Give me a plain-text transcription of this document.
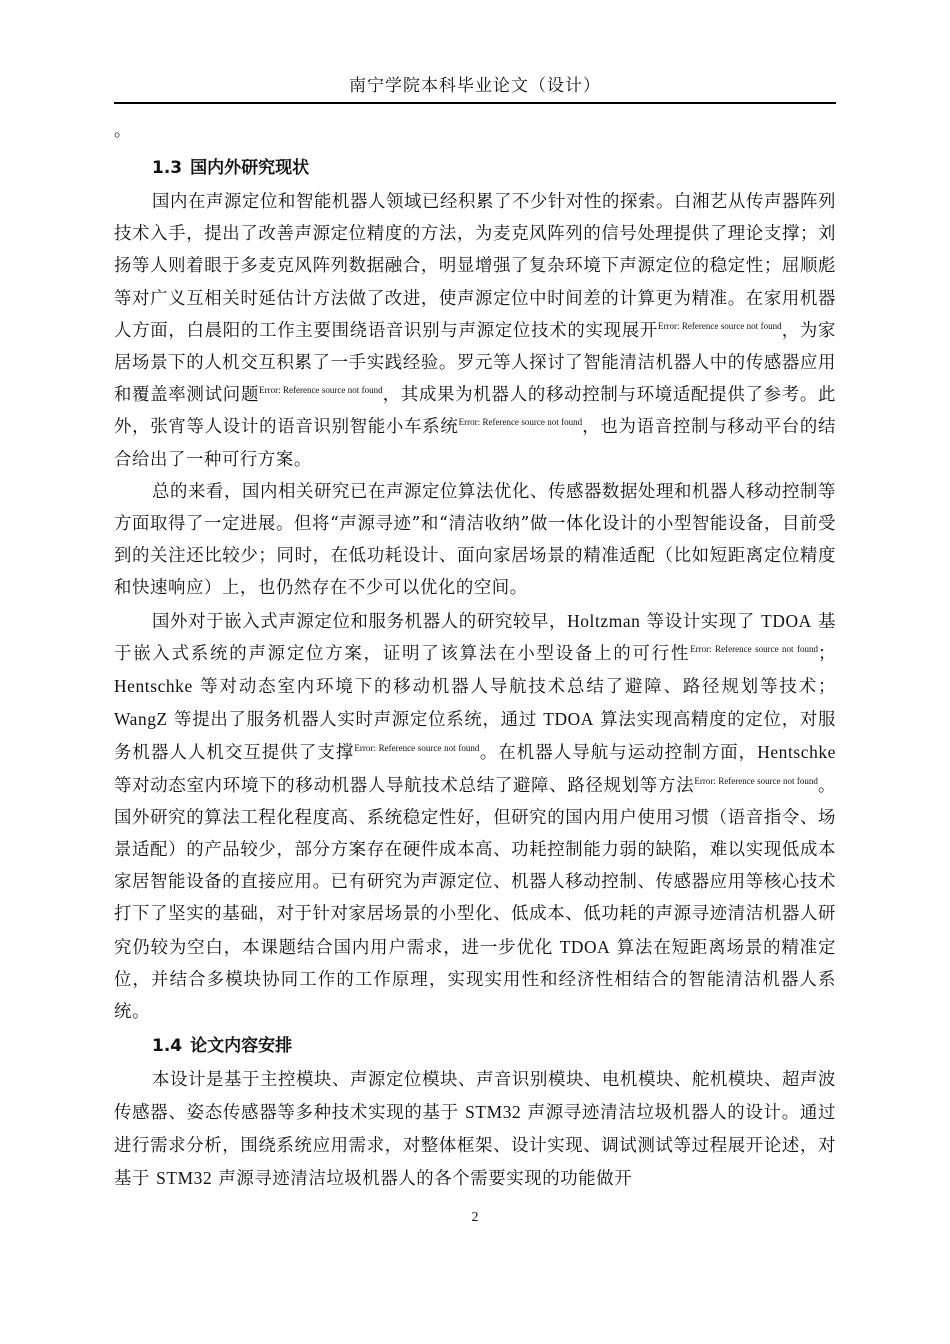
南宁学院本科毕业论文（设计）
。
1.3 国内外研究现状

国内在声源定位和智能机器人领域已经积累了不少针对性的探索。白湘艺从传声器阵列技术入手，提出了改善声源定位精度的方法，为麦克风阵列的信号处理提供了理论支撑；刘扬等人则着眼于多麦克风阵列数据融合，明显增强了复杂环境下声源定位的稳定性；屈顺彪等对广义互相关时延估计方法做了改进，使声源定位中时间差的计算更为精准。在家用机器人方面，白晨阳的工作主要围绕语音识别与声源定位技术的实现展开$^{Error: Reference source not found}$，为家居场景下的人机交互积累了一手实践经验。罗元等人探讨了智能清洁机器人中的传感器应用和覆盖率测试问题$^{Error: Reference source not found}$，其成果为机器人的移动控制与环境适配提供了参考。此外，张宵等人设计的语音识别智能小车系统$^{Error: Reference source not found}$，也为语音控制与移动平台的结合给出了一种可行方案。

总的来看，国内相关研究已在声源定位算法优化、传感器数据处理和机器人移动控制等方面取得了一定进展。但将“声源寻迹”和“清洁收纳”做一体化设计的小型智能设备，目前受到的关注还比较少；同时，在低功耗设计、面向家居场景的精准适配（比如短距离定位精度和快速响应）上，也仍然存在不少可以优化的空间。

国外对于嵌入式声源定位和服务机器人的研究较早，Holtzman 等设计实现了 TDOA 基于嵌入式系统的声源定位方案，证明了该算法在小型设备上的可行性$^{Error: Reference source not found}$；Hentschke 等对动态室内环境下的移动机器人导航技术总结了避障、路径规划等技术；WangZ 等提出了服务机器人实时声源定位系统，通过 TDOA 算法实现高精度的定位，对服务机器人人机交互提供了支撑$^{Error: Reference source not found}$。在机器人导航与运动控制方面，Hentschke 等对动态室内环境下的移动机器人导航技术总结了避障、路径规划等方法$^{Error: Reference source not found}$。国外研究的算法工程化程度高、系统稳定性好，但研究的国内用户使用习惯（语音指令、场景适配）的产品较少，部分方案存在硬件成本高、功耗控制能力弱的缺陷，难以实现低成本家居智能设备的直接应用。已有研究为声源定位、机器人移动控制、传感器应用等核心技术打下了坚实的基础，对于针对家居场景的小型化、低成本、低功耗的声源寻迹清洁机器人研究仍较为空白，本课题结合国内用户需求，进一步优化 TDOA 算法在短距离场景的精准定位，并结合多模块协同工作的工作原理，实现实用性和经济性相结合的智能清洁机器人系统。

1.4 论文内容安排

本设计是基于主控模块、声源定位模块、声音识别模块、电机模块、舵机模块、超声波传感器、姿态传感器等多种技术实现的基于 STM32 声源寻迹清洁垃圾机器人的设计。通过进行需求分析，围绕系统应用需求，对整体框架、设计实现、调试测试等过程展开论述，对基于 STM32 声源寻迹清洁垃圾机器人的各个需要实现的功能做开

2
